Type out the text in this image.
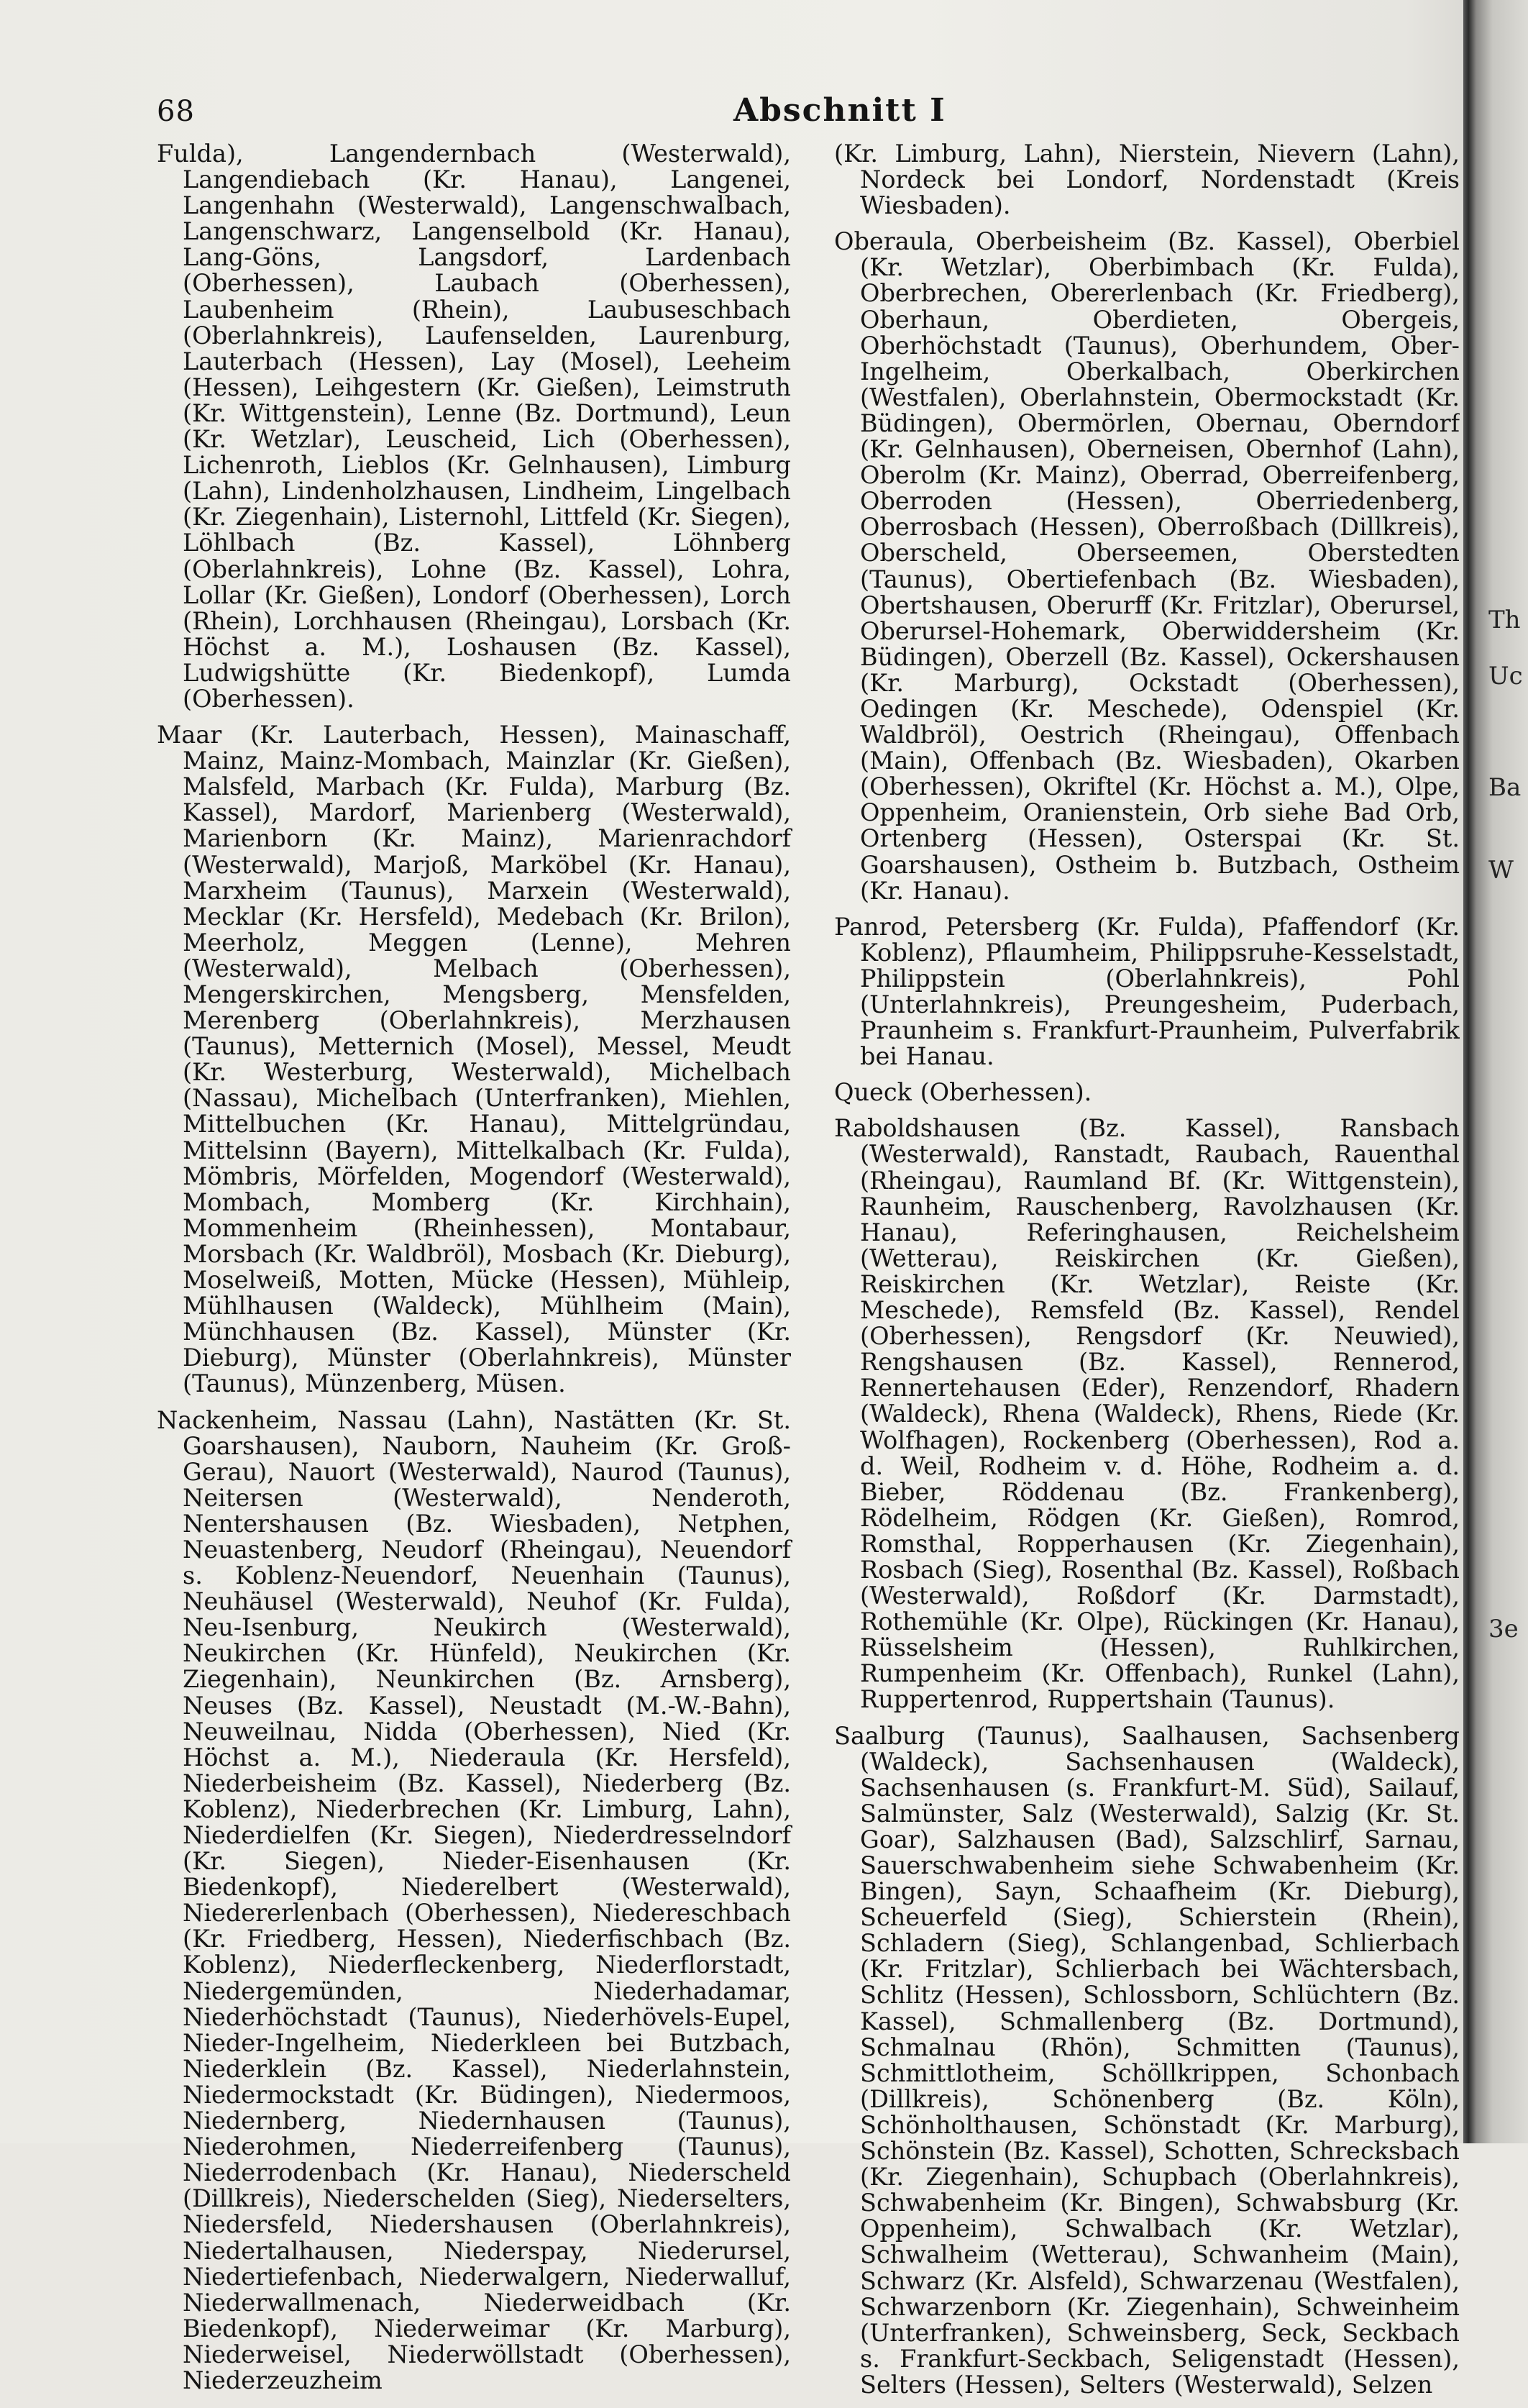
68	Abschnitt I

Fulda), Langendernbach (Westerwald), Langendiebach (Kr. Hanau), Langenei, Langenhahn (Westerwald), Langenschwalbach, Langenschwarz, Langenselbold (Kr. Hanau), Lang-Göns, Langsdorf, Lardenbach (Oberhessen), Laubach (Oberhessen), Laubenheim (Rhein), Laubuseschbach (Oberlahnkreis), Laufenselden, Laurenburg, Lauterbach (Hessen), Lay (Mosel), Leeheim (Hessen), Leihgestern (Kr. Gießen), Leimstruth (Kr. Wittgenstein), Lenne (Bz. Dortmund), Leun (Kr. Wetzlar), Leuscheid, Lich (Oberhessen), Lichenroth, Lieblos (Kr. Gelnhausen), Limburg (Lahn), Lindenholzhausen, Lindheim, Lingelbach (Kr. Ziegenhain), Listernohl, Littfeld (Kr. Siegen), Löhlbach (Bz. Kassel), Löhnberg (Oberlahnkreis), Lohne (Bz. Kassel), Lohra, Lollar (Kr. Gießen), Londorf (Oberhessen), Lorch (Rhein), Lorchhausen (Rheingau), Lorsbach (Kr. Höchst a. M.), Loshausen (Bz. Kassel), Ludwigshütte (Kr. Biedenkopf), Lumda (Oberhessen).

Maar (Kr. Lauterbach, Hessen), Mainaschaff, Mainz, Mainz-Mombach, Mainzlar (Kr. Gießen), Malsfeld, Marbach (Kr. Fulda), Marburg (Bz. Kassel), Mardorf, Marienberg (Westerwald), Marienborn (Kr. Mainz), Marienrachdorf (Westerwald), Marjoß, Marköbel (Kr. Hanau), Marxheim (Taunus), Marxein (Westerwald), Mecklar (Kr. Hersfeld), Medebach (Kr. Brilon), Meerholz, Meggen (Lenne), Mehren (Westerwald), Melbach (Oberhessen), Mengerskirchen, Mengsberg, Mensfelden, Merenberg (Oberlahnkreis), Merzhausen (Taunus), Metternich (Mosel), Messel, Meudt (Kr. Westerburg, Westerwald), Michelbach (Nassau), Michelbach (Unterfranken), Miehlen, Mittelbuchen (Kr. Hanau), Mittelgründau, Mittelsinn (Bayern), Mittelkalbach (Kr. Fulda), Mömbris, Mörfelden, Mogendorf (Westerwald), Mombach, Momberg (Kr. Kirchhain), Mommenheim (Rheinhessen), Montabaur, Morsbach (Kr. Waldbröl), Mosbach (Kr. Dieburg), Moselweiß, Motten, Mücke (Hessen), Mühleip, Mühlhausen (Waldeck), Mühlheim (Main), Münchhausen (Bz. Kassel), Münster (Kr. Dieburg), Münster (Oberlahnkreis), Münster (Taunus), Münzenberg, Müsen.

Nackenheim, Nassau (Lahn), Nastätten (Kr. St. Goarshausen), Nauborn, Nauheim (Kr. Groß-Gerau), Nauort (Westerwald), Naurod (Taunus), Neitersen (Westerwald), Nenderoth, Nentershausen (Bz. Wiesbaden), Netphen, Neuastenberg, Neudorf (Rheingau), Neuendorf s. Koblenz-Neuendorf, Neuenhain (Taunus), Neuhäusel (Westerwald), Neuhof (Kr. Fulda), Neu-Isenburg, Neukirch (Westerwald), Neukirchen (Kr. Hünfeld), Neukirchen (Kr. Ziegenhain), Neunkirchen (Bz. Arnsberg), Neuses (Bz. Kassel), Neustadt (M.-W.-Bahn), Neuweilnau, Nidda (Oberhessen), Nied (Kr. Höchst a. M.), Niederaula (Kr. Hersfeld), Niederbeisheim (Bz. Kassel), Niederberg (Bz. Koblenz), Niederbrechen (Kr. Limburg, Lahn), Niederdielfen (Kr. Siegen), Niederdresselndorf (Kr. Siegen), Nieder-Eisenhausen (Kr. Biedenkopf), Niederelbert (Westerwald), Niedererlenbach (Oberhessen), Niedereschbach (Kr. Friedberg, Hessen), Niederfischbach (Bz. Koblenz), Niederfleckenberg, Niederflorstadt, Niedergemünden, Niederhadamar, Niederhöchstadt (Taunus), Niederhövels-Eupel, Nieder-Ingelheim, Niederkleen bei Butzbach, Niederklein (Bz. Kassel), Niederlahnstein, Niedermockstadt (Kr. Büdingen), Niedermoos, Niedernberg, Niedernhausen (Taunus), Niederohmen, Niederreifenberg (Taunus), Niederrodenbach (Kr. Hanau), Niederscheld (Dillkreis), Niederschelden (Sieg), Niederselters, Niedersfeld, Niedershausen (Oberlahnkreis), Niedertalhausen, Niederspay, Niederursel, Niedertiefenbach, Niederwalgern, Niederwalluf, Niederwallmenach, Niederweidbach (Kr. Biedenkopf), Niederweimar (Kr. Marburg), Niederweisel, Niederwöllstadt (Oberhessen), Niederzeuzheim

(Kr. Limburg, Lahn), Nierstein, Nievern (Lahn), Nordeck bei Londorf, Nordenstadt (Kreis Wiesbaden).

Oberaula, Oberbeisheim (Bz. Kassel), Oberbiel (Kr. Wetzlar), Oberbimbach (Kr. Fulda), Oberbrechen, Obererlenbach (Kr. Friedberg), Oberhaun, Oberdieten, Obergeis, Oberhöchstadt (Taunus), Oberhundem, Ober-Ingelheim, Oberkalbach, Oberkirchen (Westfalen), Oberlahnstein, Obermockstadt (Kr. Büdingen), Obermörlen, Obernau, Oberndorf (Kr. Gelnhausen), Oberneisen, Obernhof (Lahn), Oberolm (Kr. Mainz), Oberrad, Oberreifenberg, Oberroden (Hessen), Oberriedenberg, Oberrosbach (Hessen), Oberroßbach (Dillkreis), Oberscheld, Oberseemen, Oberstedten (Taunus), Obertiefenbach (Bz. Wiesbaden), Obertshausen, Oberurff (Kr. Fritzlar), Oberursel, Oberursel-Hohemark, Oberwiddersheim (Kr. Büdingen), Oberzell (Bz. Kassel), Ockershausen (Kr. Marburg), Ockstadt (Oberhessen), Oedingen (Kr. Meschede), Odenspiel (Kr. Waldbröl), Oestrich (Rheingau), Offenbach (Main), Offenbach (Bz. Wiesbaden), Okarben (Oberhessen), Okriftel (Kr. Höchst a. M.), Olpe, Oppenheim, Oranienstein, Orb siehe Bad Orb, Ortenberg (Hessen), Osterspai (Kr. St. Goarshausen), Ostheim b. Butzbach, Ostheim (Kr. Hanau).

Panrod, Petersberg (Kr. Fulda), Pfaffendorf (Kr. Koblenz), Pflaumheim, Philippsruhe-Kesselstadt, Philippstein (Oberlahnkreis), Pohl (Unterlahnkreis), Preungesheim, Puderbach, Praunheim s. Frankfurt-Praunheim, Pulverfabrik bei Hanau.

Queck (Oberhessen).

Raboldshausen (Bz. Kassel), Ransbach (Westerwald), Ranstadt, Raubach, Rauenthal (Rheingau), Raumland Bf. (Kr. Wittgenstein), Raunheim, Rauschenberg, Ravolzhausen (Kr. Hanau), Referinghausen, Reichelsheim (Wetterau), Reiskirchen (Kr. Gießen), Reiskirchen (Kr. Wetzlar), Reiste (Kr. Meschede), Remsfeld (Bz. Kassel), Rendel (Oberhessen), Rengsdorf (Kr. Neuwied), Rengshausen (Bz. Kassel), Rennerod, Rennertehausen (Eder), Renzendorf, Rhadern (Waldeck), Rhena (Waldeck), Rhens, Riede (Kr. Wolfhagen), Rockenberg (Oberhessen), Rod a. d. Weil, Rodheim v. d. Höhe, Rodheim a. d. Bieber, Röddenau (Bz. Frankenberg), Rödelheim, Rödgen (Kr. Gießen), Romrod, Romsthal, Ropperhausen (Kr. Ziegenhain), Rosbach (Sieg), Rosenthal (Bz. Kassel), Roßbach (Westerwald), Roßdorf (Kr. Darmstadt), Rothemühle (Kr. Olpe), Rückingen (Kr. Hanau), Rüsselsheim (Hessen), Ruhlkirchen, Rumpenheim (Kr. Offenbach), Runkel (Lahn), Ruppertenrod, Ruppertshain (Taunus).

Saalburg (Taunus), Saalhausen, Sachsenberg (Waldeck), Sachsenhausen (Waldeck), Sachsenhausen (s. Frankfurt-M. Süd), Sailauf, Salmünster, Salz (Westerwald), Salzig (Kr. St. Goar), Salzhausen (Bad), Salzschlirf, Sarnau, Sauerschwabenheim siehe Schwabenheim (Kr. Bingen), Sayn, Schaafheim (Kr. Dieburg), Scheuerfeld (Sieg), Schierstein (Rhein), Schladern (Sieg), Schlangenbad, Schlierbach (Kr. Fritzlar), Schlierbach bei Wächtersbach, Schlitz (Hessen), Schlossborn, Schlüchtern (Bz. Kassel), Schmallenberg (Bz. Dortmund), Schmalnau (Rhön), Schmitten (Taunus), Schmittlotheim, Schöllkrippen, Schonbach (Dillkreis), Schönenberg (Bz. Köln), Schönholthausen, Schönstadt (Kr. Marburg), Schönstein (Bz. Kassel), Schotten, Schrecksbach (Kr. Ziegenhain), Schupbach (Oberlahnkreis), Schwabenheim (Kr. Bingen), Schwabsburg (Kr. Oppenheim), Schwalbach (Kr. Wetzlar), Schwalheim (Wetterau), Schwanheim (Main), Schwarz (Kr. Alsfeld), Schwarzenau (Westfalen), Schwarzenborn (Kr. Ziegenhain), Schweinheim (Unterfranken), Schweinsberg, Seck, Seckbach s. Frankfurt-Seckbach, Seligenstadt (Hessen), Selters (Hessen), Selters (Westerwald), Selzen

Th
Uc
Ba
W
3e
